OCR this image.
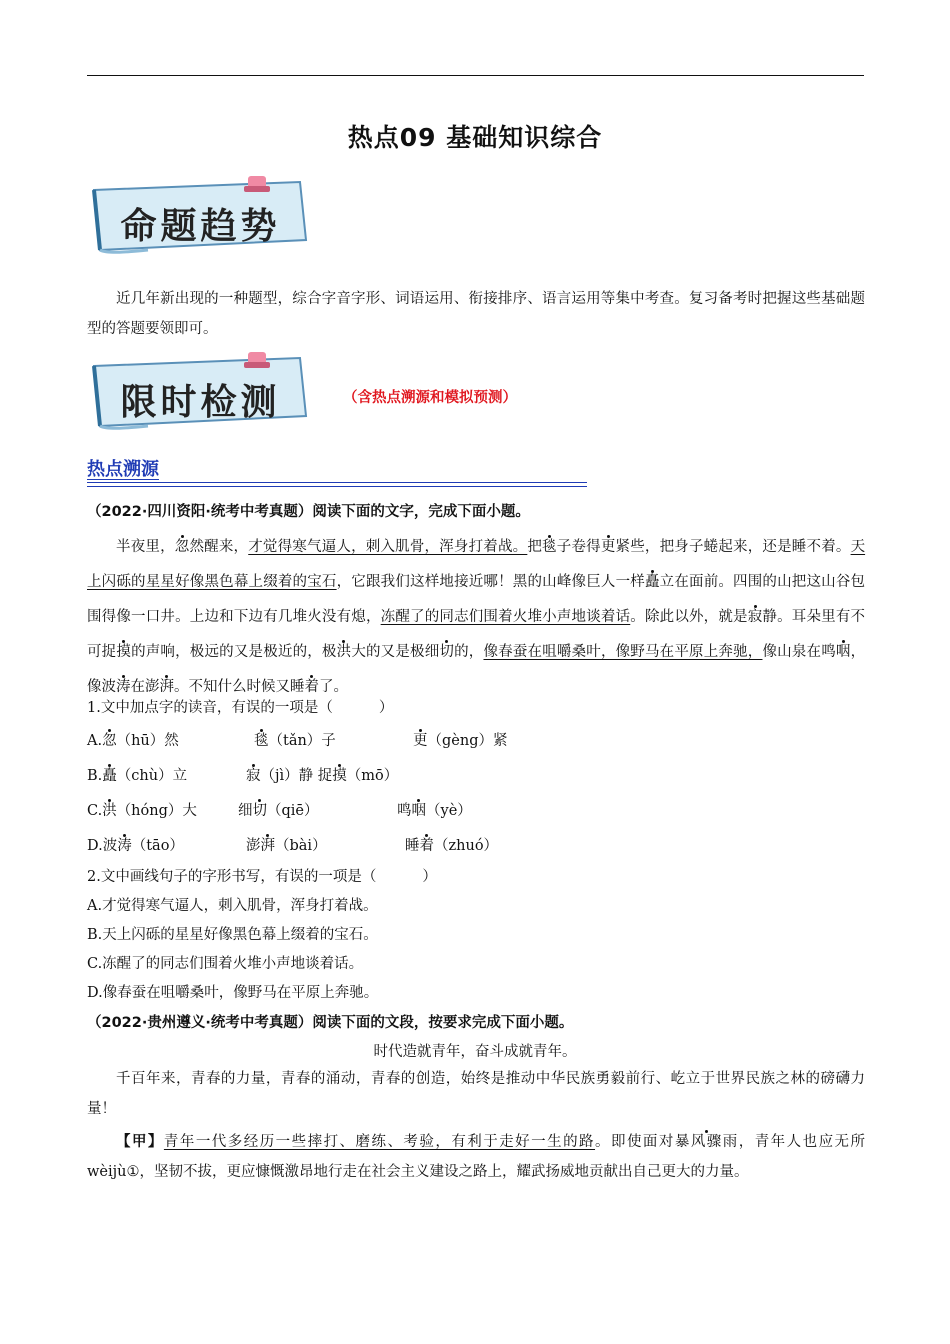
热点09 基础知识综合
命题趋势

近几年新出现的一种题型，综合字音字形、词语运用、衔接排序、语言运用等集中考查。复习备考时把握这些基础题型的答题要领即可。

限时检测	（含热点溯源和模拟预测）
热点溯源

（2022·四川资阳·统考中考真题）阅读下面的文字，完成下面小题。

半夜里，忽然醒来，才觉得寒气逼人，刺入肌骨，浑身打着战。把毯子卷得更紧些，把身子蜷起来，还是睡不着。天上闪砾的星星好像黑色幕上缀着的宝石，它跟我们这样地接近哪！黑的山峰像巨人一样矗立在面前。四围的山把这山谷包围得像一口井。上边和下边有几堆火没有熄，冻醒了的同志们围着火堆小声地谈着话。除此以外，就是寂静。耳朵里有不可捉摸的声响，极远的又是极近的，极洪大的又是极细切的，像春蚕在咀嚼桑叶，像野马在平原上奔驰，像山泉在鸣咽，像波涛在澎湃。不知什么时候又睡着了。

1.文中加点字的读音，有误的一项是（          ）
A.忽（hū）然	毯（tǎn）子	更（gèng）紧
B.矗（chù）立	寂（jì）静 捉摸（mō）
C.洪（hóng）大	细切（qiē）	鸣咽（yè）
D.波涛（tāo）	澎湃（bài）	睡着（zhuó）
2.文中画线句子的字形书写，有误的一项是（          ）
A.才觉得寒气逼人，刺入肌骨，浑身打着战。
B.天上闪砾的星星好像黑色幕上缀着的宝石。
C.冻醒了的同志们围着火堆小声地谈着话。
D.像春蚕在咀嚼桑叶，像野马在平原上奔驰。

（2022·贵州遵义·统考中考真题）阅读下面的文段，按要求完成下面小题。

时代造就青年，奋斗成就青年。

千百年来，青春的力量，青春的涌动，青春的创造，始终是推动中华民族勇毅前行、屹立于世界民族之林的磅礴力量！

【甲】青年一代多经历一些摔打、磨练、考验，有利于走好一生的路。即使面对暴风骤雨，青年人也应无所 wèijù①，坚韧不拔，更应慷慨激昂地行走在社会主义建设之路上，耀武扬威地贡献出自己更大的力量。
